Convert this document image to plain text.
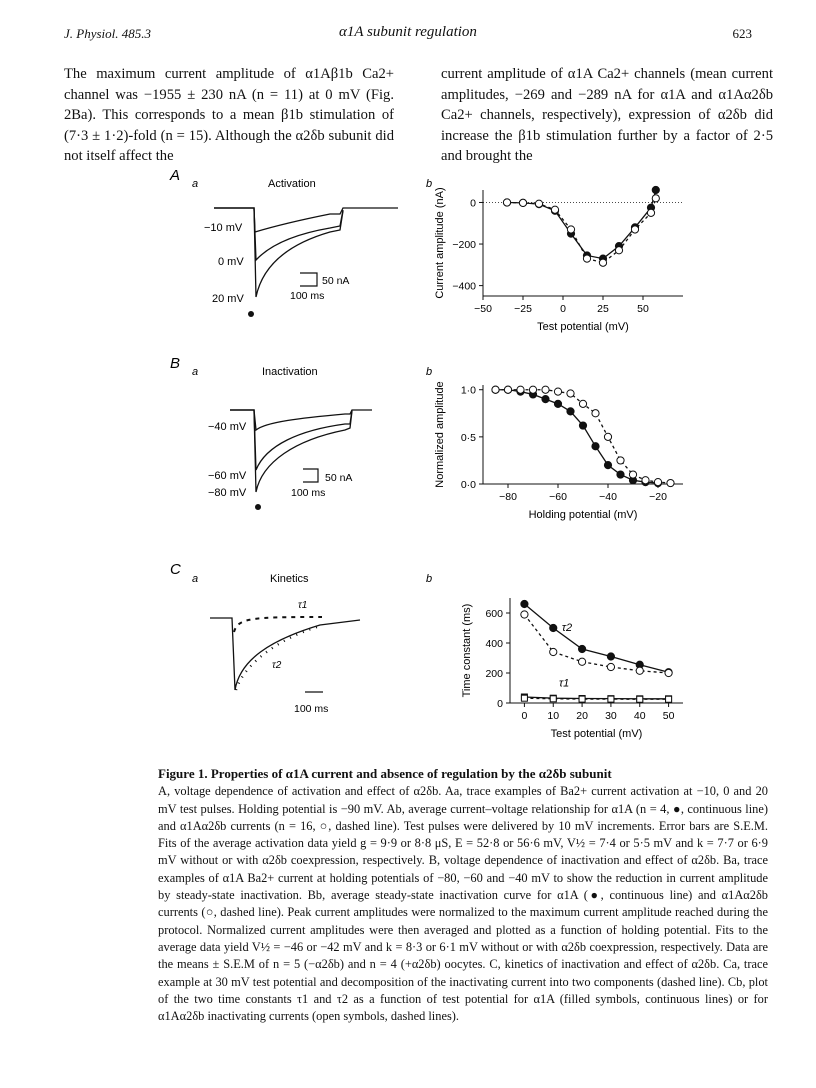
J. Physiol. 485.3	α1A subunit regulation	623
The maximum current amplitude of α1Aβ1b Ca2+ channel was −1955 ± 230 nA (n = 11) at 0 mV (Fig. 2Ba). This corresponds to a mean β1b stimulation of (7·3 ± 1·2)-fold (n = 15). Although the α2δb subunit did not itself affect the
current amplitude of α1A Ca2+ channels (mean current amplitudes, −269 and −289 nA for α1A and α1Aα2δb Ca2+ channels, respectively), expression of α2δb did increase the β1b stimulation further by a factor of 2·5 and brought the
A a	Activation
−10 mV
0 mV
20 mV
50 nA
100 ms
b
B a	Inactivation
−40 mV
−60 mV
−80 mV
50 nA
100 ms
b
C
a	Kinetics
τ1
τ2
100 ms
b
−50 −25	0	25	50
0
−200
−400
Test potential (mV)
Current amplitude (nA)
−80	−60	−40	−20
0·0
0·5
1·0
Holding potential (mV)
Normalized amplitude
0 10 20 30 40 50
0
200
400
600
Test potential (mV)
Time constant (ms)	τ2
τ1
Figure 1. Properties of α1A current and absence of regulation by the α2δb subunit
A, voltage dependence of activation and effect of α2δb. Aa, trace examples of Ba2+ current activation at −10, 0 and 20 mV test pulses. Holding potential is −90 mV. Ab, average current–voltage relationship for α1A (n = 4, ●, continuous line) and α1Aα2δb currents (n = 16, ○, dashed line). Test pulses were delivered by 10 mV increments. Error bars are S.E.M. Fits of the average activation data yield g = 9·9 or 8·8 μS, E = 52·8 or 56·6 mV, V½ = 7·4 or 5·5 mV and k = 7·7 or 6·9 mV without or with α2δb coexpression, respectively. B, voltage dependence of inactivation and effect of α2δb. Ba, trace examples of α1A Ba2+ current at holding potentials of −80, −60 and −40 mV to show the reduction in current amplitude by steady-state inactivation. Bb, average steady-state inactivation curve for α1A (●, continuous line) and α1Aα2δb currents (○, dashed line). Peak current amplitudes were normalized to the maximum current amplitude reached during the protocol. Normalized current amplitudes were then averaged and plotted as a function of holding potential. Fits to the average data yield V½ = −46 or −42 mV and k = 8·3 or 6·1 mV without or with α2δb coexpression, respectively. Data are the means ± S.E.M of n = 5 (−α2δb) and n = 4 (+α2δb) oocytes. C, kinetics of inactivation and effect of α2δb. Ca, trace example at 30 mV test potential and decomposition of the inactivating current into two components (dashed line). Cb, plot of the two time constants τ1 and τ2 as a function of test potential for α1A (filled symbols, continuous lines) or for α1Aα2δb inactivating currents (open symbols, dashed lines).
